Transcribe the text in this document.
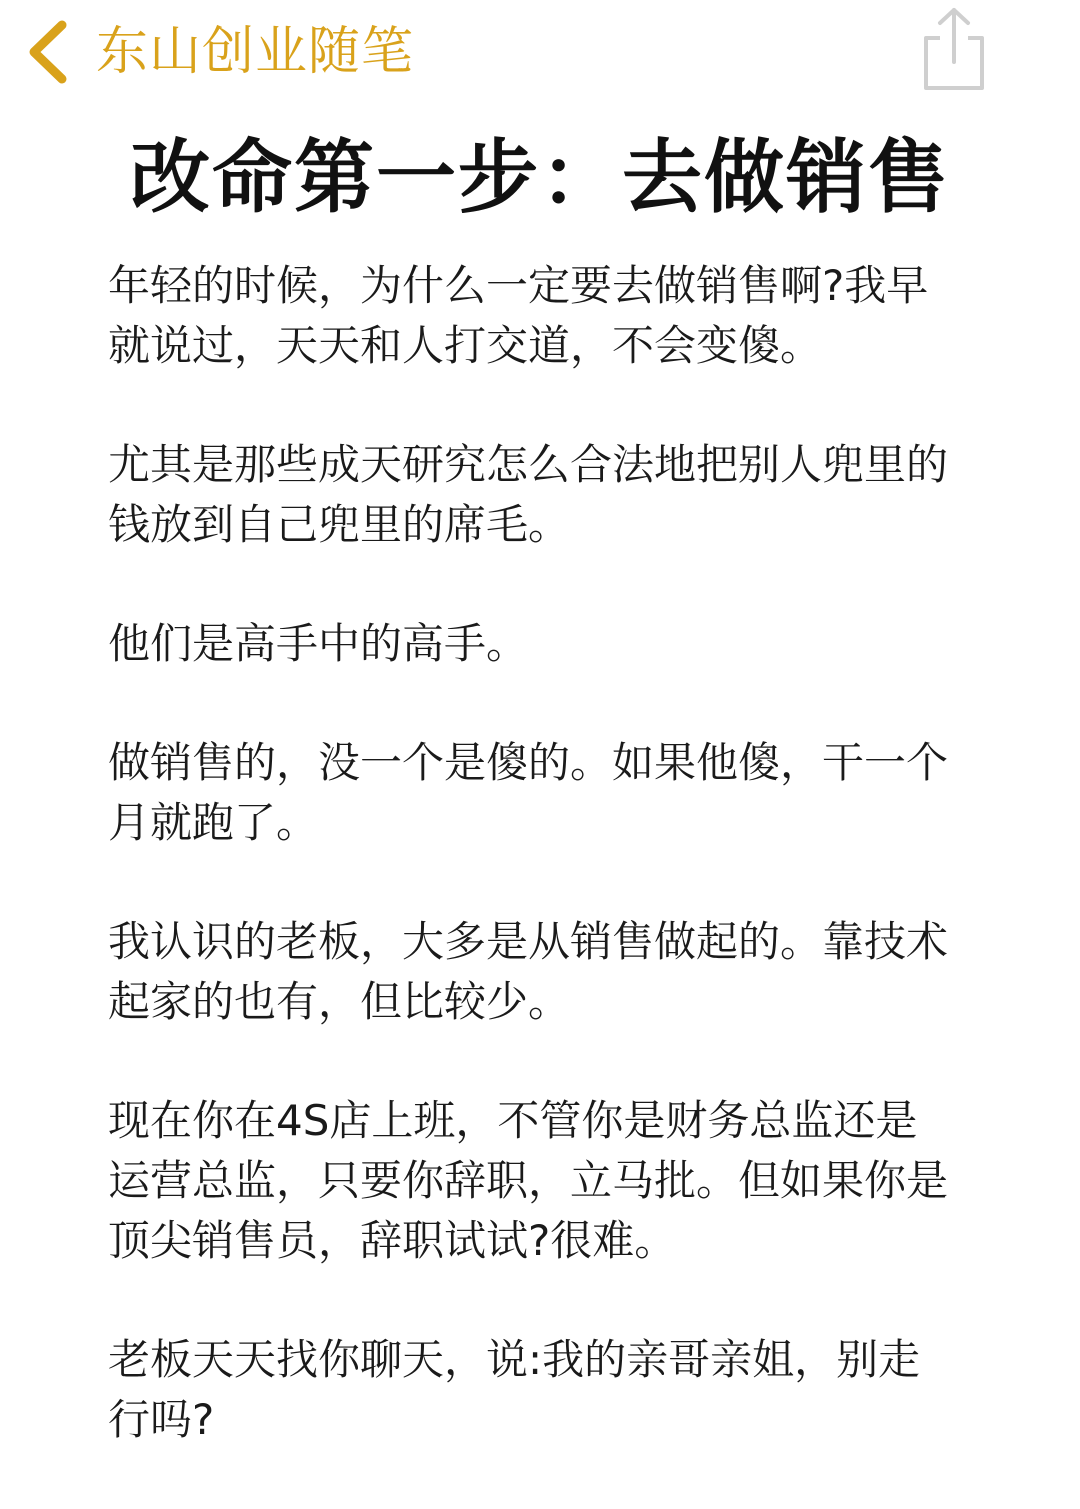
东山创业随笔
改命第一步：去做销售

年轻的时候，为什么一定要去做销售啊?我早
就说过，天天和人打交道，不会变傻。

尤其是那些成天研究怎么合法地把别人兜里的
钱放到自己兜里的席毛。

他们是高手中的高手。

做销售的，没一个是傻的。如果他傻，干一个
月就跑了。

我认识的老板，大多是从销售做起的。靠技术
起家的也有，但比较少。

现在你在4S店上班，不管你是财务总监还是
运营总监，只要你辞职，立马批。但如果你是
顶尖销售员，辞职试试?很难。

老板天天找你聊天，说:我的亲哥亲姐，别走
行吗?
